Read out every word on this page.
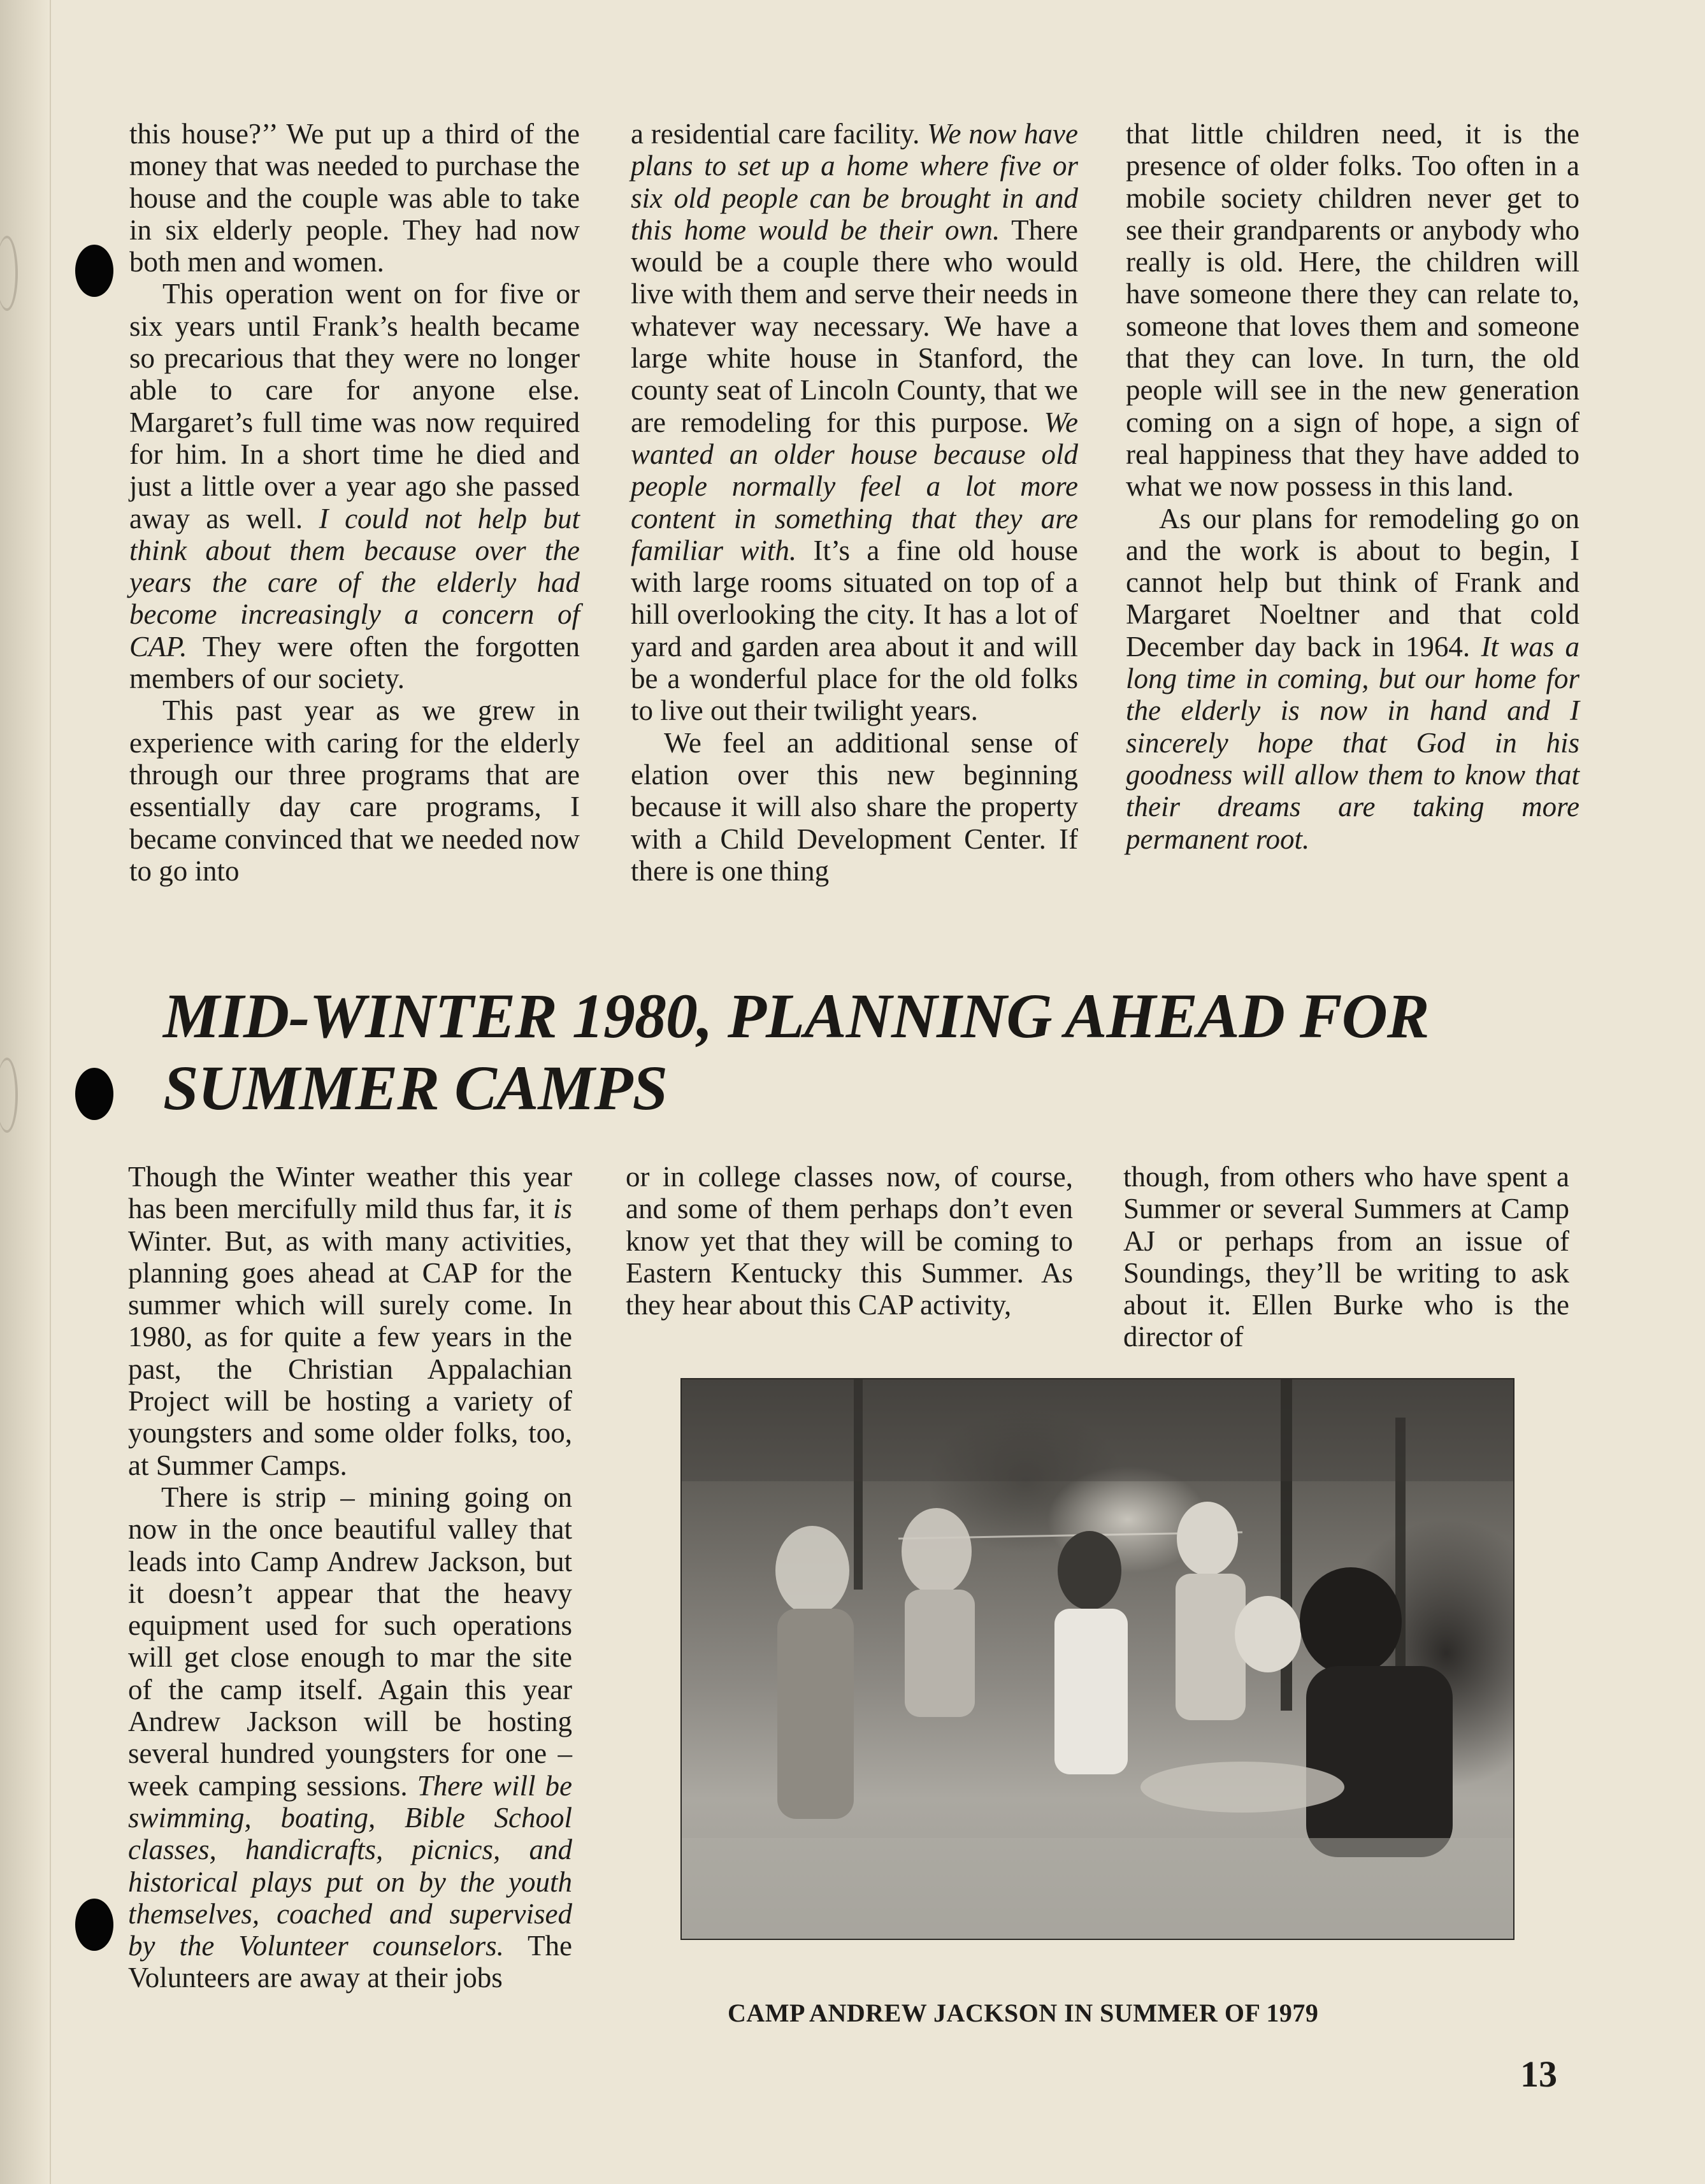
this house?’’ We put up a third of the money that was needed to purchase the house and the couple was able to take in six elderly people. They had now both men and women.

This operation went on for five or six years until Frank’s health became so precarious that they were no longer able to care for anyone else. Margaret’s full time was now required for him. In a short time he died and just a little over a year ago she passed away as well. I could not help but think about them because over the years the care of the elderly had become increasingly a concern of CAP. They were often the forgotten members of our society.

This past year as we grew in experience with caring for the elderly through our three programs that are essentially day care programs, I became convinced that we needed now to go into

a residential care facility. We now have plans to set up a home where five or six old people can be brought in and this home would be their own. There would be a couple there who would live with them and serve their needs in whatever way necessary. We have a large white house in Stanford, the county seat of Lincoln County, that we are remodeling for this purpose. We wanted an older house because old people normally feel a lot more content in something that they are familiar with. It’s a fine old house with large rooms situated on top of a hill overlooking the city. It has a lot of yard and garden area about it and will be a wonderful place for the old folks to live out their twilight years.

We feel an additional sense of elation over this new beginning because it will also share the property with a Child Development Center. If there is one thing

that little children need, it is the presence of older folks. Too often in a mobile society children never get to see their grandparents or anybody who really is old. Here, the children will have someone there they can relate to, someone that loves them and someone that they can love. In turn, the old people will see in the new generation coming on a sign of hope, a sign of real happiness that they have added to what we now possess in this land.

As our plans for remodeling go on and the work is about to begin, I cannot help but think of Frank and Margaret Noeltner and that cold December day back in 1964. It was a long time in coming, but our home for the elderly is now in hand and I sincerely hope that God in his goodness will allow them to know that their dreams are taking more permanent root.

MID-WINTER 1980, PLANNING AHEAD FOR
SUMMER CAMPS

Though the Winter weather this year has been mercifully mild thus far, it is Winter. But, as with many activities, planning goes ahead at CAP for the summer which will surely come. In 1980, as for quite a few years in the past, the Christian Appalachian Project will be hosting a variety of youngsters and some older folks, too, at Summer Camps.

There is strip – mining going on now in the once beautiful valley that leads into Camp Andrew Jackson, but it doesn’t appear that the heavy equipment used for such operations will get close enough to mar the site of the camp itself. Again this year Andrew Jackson will be hosting several hundred youngsters for one – week camping sessions. There will be swimming, boating, Bible School classes, handicrafts, picnics, and historical plays put on by the youth themselves, coached and supervised by the Volunteer counselors. The Volunteers are away at their jobs

or in college classes now, of course, and some of them perhaps don’t even know yet that they will be coming to Eastern Kentucky this Summer. As they hear about this CAP activity,

though, from others who have spent a Summer or several Summers at Camp AJ or perhaps from an issue of Soundings, they’ll be writing to ask about it. Ellen Burke who is the director of

CAMP ANDREW JACKSON IN SUMMER OF 1979

13
